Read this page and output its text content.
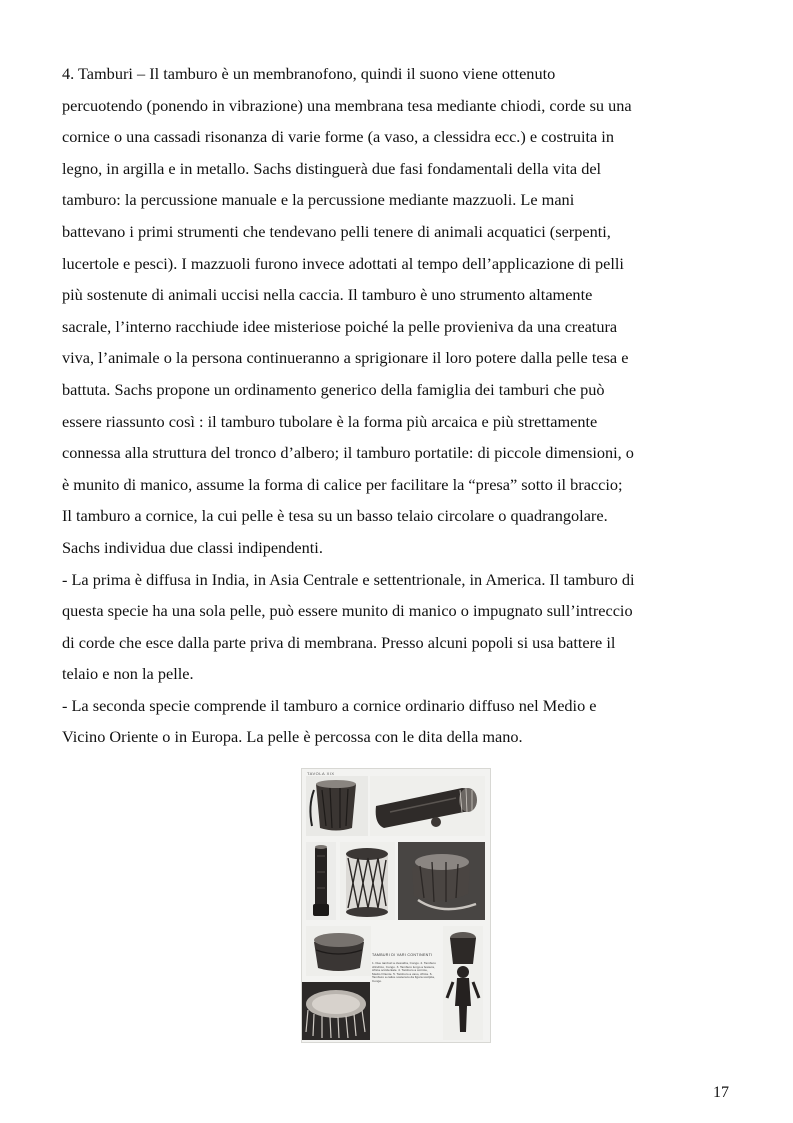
4. Tamburi – Il tamburo è un membranofono, quindi il suono viene ottenuto
percuotendo (ponendo in vibrazione) una membrana tesa mediante chiodi, corde su una
cornice o una cassadi risonanza di varie forme (a vaso, a clessidra ecc.) e costruita in
legno, in argilla e in metallo. Sachs distinguerà due fasi fondamentali della vita del
tamburo: la percussione manuale e la percussione mediante mazzuoli. Le mani
battevano i primi strumenti che tendevano pelli tenere di animali acquatici (serpenti,
lucertole e pesci). I mazzuoli furono invece adottati al tempo dell’applicazione di pelli
più sostenute di animali uccisi nella caccia. Il tamburo è uno strumento altamente
sacrale, l’interno racchiude idee misteriose poiché la pelle provieniva da una creatura
viva, l’animale o la persona continueranno a sprigionare il loro potere dalla pelle tesa e
battuta. Sachs propone un ordinamento generico della famiglia dei tamburi che può
essere riassunto così : il tamburo tubolare è la forma più arcaica e più strettamente
connessa alla struttura del tronco d’albero; il tamburo portatile: di piccole dimensioni, o
è munito di manico, assume la forma di calice per facilitare la “presa” sotto il braccio;
Il tamburo a cornice, la cui pelle è tesa su un basso telaio circolare o quadrangolare.
Sachs individua due classi indipendenti.
- La prima è diffusa in India, in Asia Centrale e settentrionale, in America. Il tamburo di
questa specie ha una sola pelle, può essere munito di manico o impugnato sull’intreccio
di corde che esce dalla parte priva di membrana. Presso alcuni popoli si usa battere il
telaio e non la pelle.
- La seconda specie comprende il tamburo a cornice ordinario diffuso nel Medio e
Vicino Oriente o in Europa. La pelle è percossa con le dita della mano.
TAVOLA XIX
TAMBURI DI VARI CONTINENTI
1. Due tamburi a clessidra, Congo. 2. Tamburo cilindrico, Congo. 3. Tamburo lungo a fessura, Africa occidentale. 4. Tamburo a cornice, Medio Oriente. 5. Tamburo a vaso, Africa. 6. Tamburo a calice sostenuto da figura scolpita, Congo.
17
